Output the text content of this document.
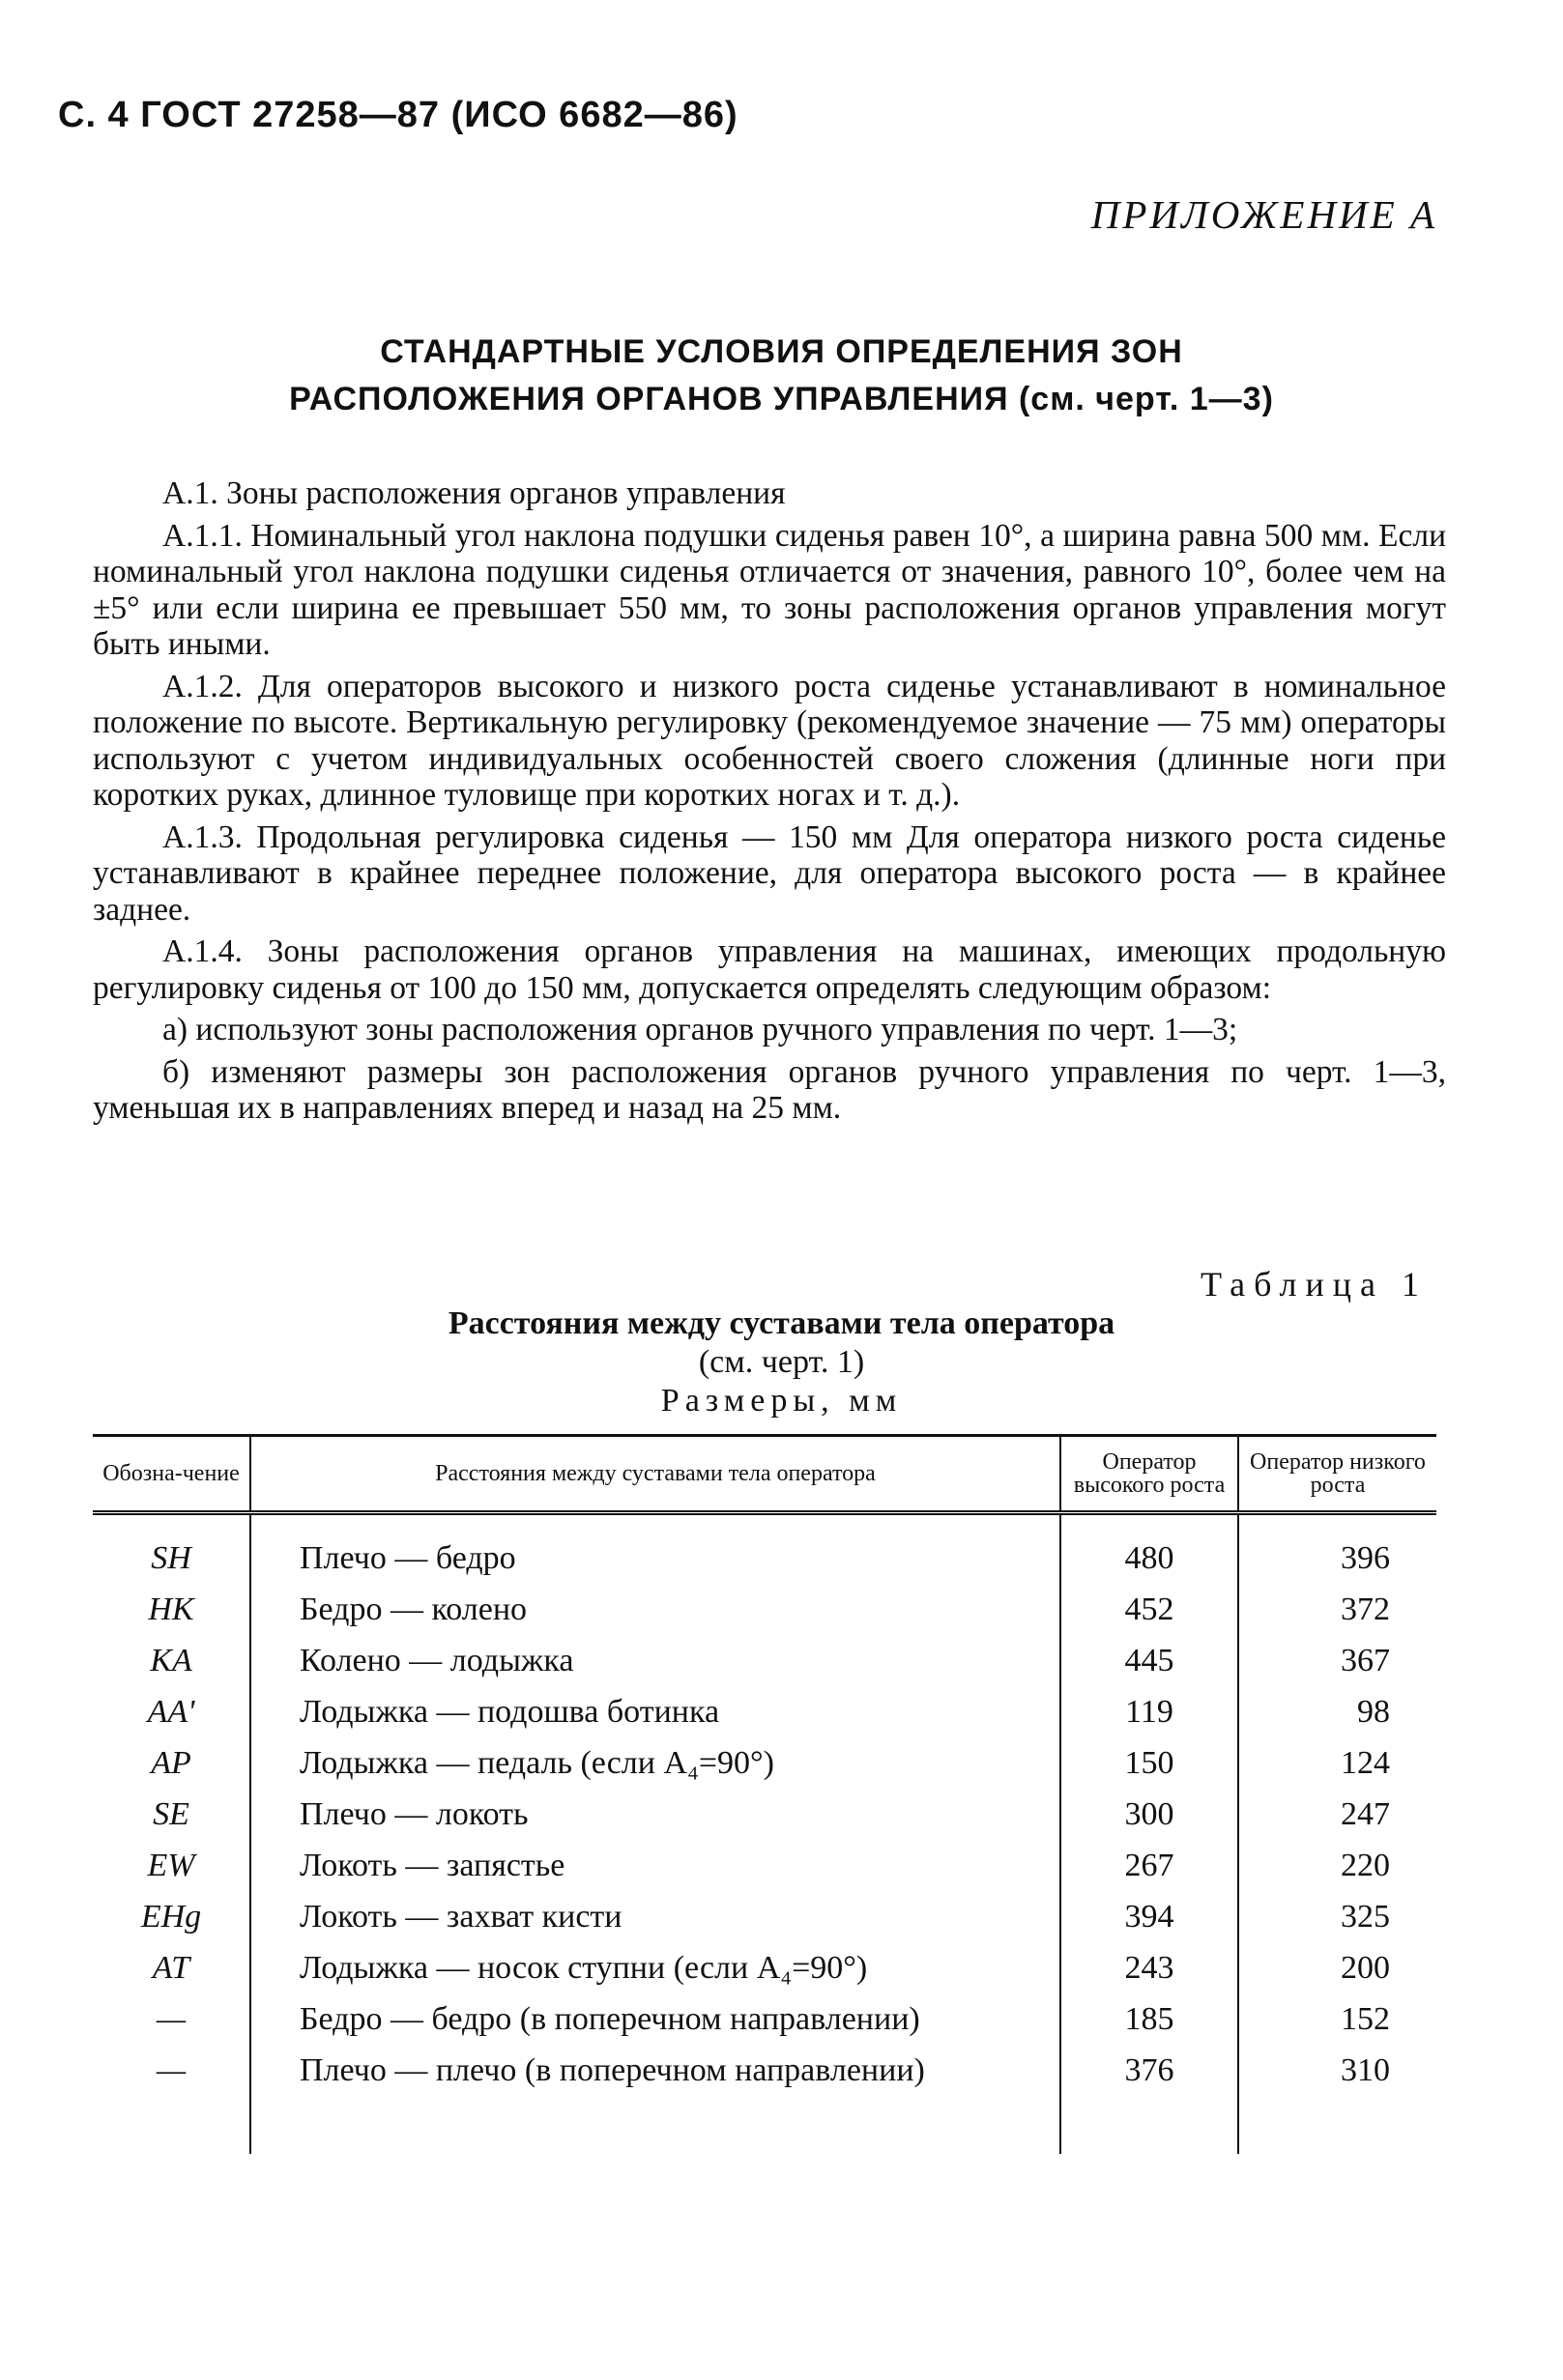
С. 4 ГОСТ 27258—87 (ИСО 6682—86)
ПРИЛОЖЕНИЕ А
СТАНДАРТНЫЕ УСЛОВИЯ ОПРЕДЕЛЕНИЯ ЗОН
РАСПОЛОЖЕНИЯ ОРГАНОВ УПРАВЛЕНИЯ (см. черт. 1—3)

А.1. Зоны расположения органов управления

А.1.1. Номинальный угол наклона подушки сиденья равен 10°, а ширина равна 500 мм. Если номинальный угол наклона подушки сиденья отличается от значения, равного 10°, более чем на ±5° или если ширина ее превышает 550 мм, то зоны расположения органов управления могут быть иными.

А.1.2. Для операторов высокого и низкого роста сиденье устанавливают в номинальное положение по высоте. Вертикальную регулировку (рекомендуемое значение — 75 мм) операторы используют с учетом индивидуальных особенностей своего сложения (длинные ноги при коротких руках, длинное туловище при коротких ногах и т. д.).

А.1.3. Продольная регулировка сиденья — 150 мм Для оператора низкого роста сиденье устанавливают в крайнее переднее положение, для оператора высокого роста — в крайнее заднее.

А.1.4. Зоны расположения органов управления на машинах, имеющих продольную регулировку сиденья от 100 до 150 мм, допускается определять следующим образом:

а) используют зоны расположения органов ручного управления по черт. 1—3;

б) изменяют размеры зон расположения органов ручного управления по черт. 1—3, уменьшая их в направлениях вперед и назад на 25 мм.

Таблица 1
Расстояния между суставами тела оператора
(см. черт. 1)
Размеры, мм
Обозна-чение	Расстояния между суставами тела оператора	Оператор высокого роста	Оператор низкого роста
SH	Плечо — бедро	480	396
HK	Бедро — колено	452	372
KA	Колено — лодыжка	445	367
AA'	Лодыжка — подошва ботинка	119	98
AP	Лодыжка — педаль (если A₄=90°)	150	124
SE	Плечо — локоть	300	247
EW	Локоть — запястье	267	220
EHg	Локоть — захват кисти	394	325
AT	Лодыжка — носок ступни (если A₄=90°)	243	200
—	Бедро — бедро (в поперечном направлении)	185	152
—	Плечо — плечо (в поперечном направлении)	376	310
